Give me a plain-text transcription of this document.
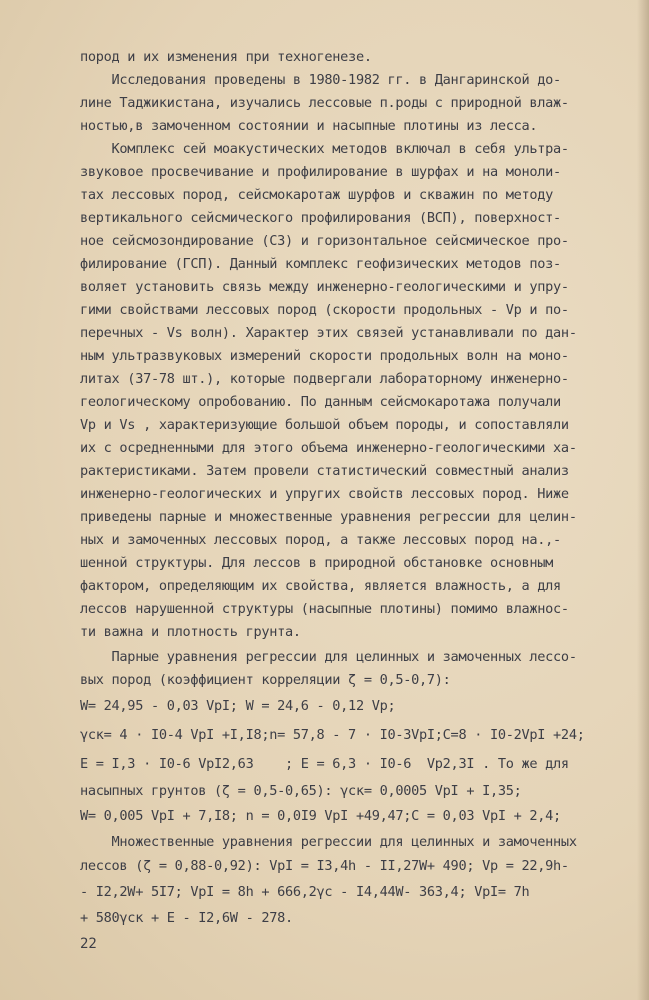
пород и их изменения при техногенезе.
Исследования проведены в 1980-1982 гг. в Дангаринской до-
лине Таджикистана, изучались лессовые п.роды с природной влаж-
ностью,в замоченном состоянии и насыпные плотины из лесса.
Комплекс сей моакустических методов включал в себя ультра-
звуковое просвечивание и профилирование в шурфах и на моноли-
тах лессовых пород, сейсмокаротаж шурфов и скважин по методу
вертикального сейсмического профилирования (ВСП), поверхност-
ное сейсмозондирование (СЗ) и горизонтальное сейсмическое про-
филирование (ГСП). Данный комплекс геофизических методов поз-
воляет установить связь между инженерно-геологическими и упру-
гими свойствами лессовых пород (скорости продольных - Vp и по-
перечных - Vs волн). Характер этих связей устанавливали по дан-
ным ультразвуковых измерений скорости продольных волн на моно-
литах (37-78 шт.), которые подвергали лабораторному инженерно-
геологическому опробованию. По данным сейсмокаротажа получали
Vp и Vs , характеризующие большой объем породы, и сопоставляли
их с осредненными для этого объема инженерно-геологическими ха-
рактеристиками. Затем провели статистический совместный анализ
инженерно-геологических и упругих свойств лессовых пород. Ниже
приведены парные и множественные уравнения регрессии для целин-
ных и замоченных лессовых пород, а также лессовых пород на.,-
шенной структуры. Для лессов в природной обстановке основным
фактором, определяющим их свойства, является влажность, а для
лессов нарушенной структуры (насыпные плотины) помимо влажнос-
ти важна и плотность грунта.
Парные уравнения регрессии для целинных и замоченных лессо-
вых пород (коэффициент корреляции ζ = 0,5-0,7):
W= 24,95 - 0,03 VpI; W = 24,6 - 0,12 Vp;
γск= 4 · I0-4 VpI +I,I8;n= 57,8 - 7 · I0-3VpI;C=8 · I0-2VpI +24;
E = I,3 · I0-6 VpI2,63    ; E = 6,3 · I0-6  Vp2,3I . То же для
насыпных грунтов (ζ = 0,5-0,65): γск= 0,0005 VpI + I,35;
W= 0,005 VpI + 7,I8; n = 0,0I9 VpI +49,47;C = 0,03 VpI + 2,4;
Множественные уравнения регрессии для целинных и замоченных
лессов (ζ = 0,88-0,92): VpI = I3,4h - II,27W+ 490; Vp = 22,9h-
- I2,2W+ 5I7; VpI = 8h + 666,2γс - I4,44W- 363,4; VpI= 7h
+ 580γск + E - I2,6W - 278.
22
